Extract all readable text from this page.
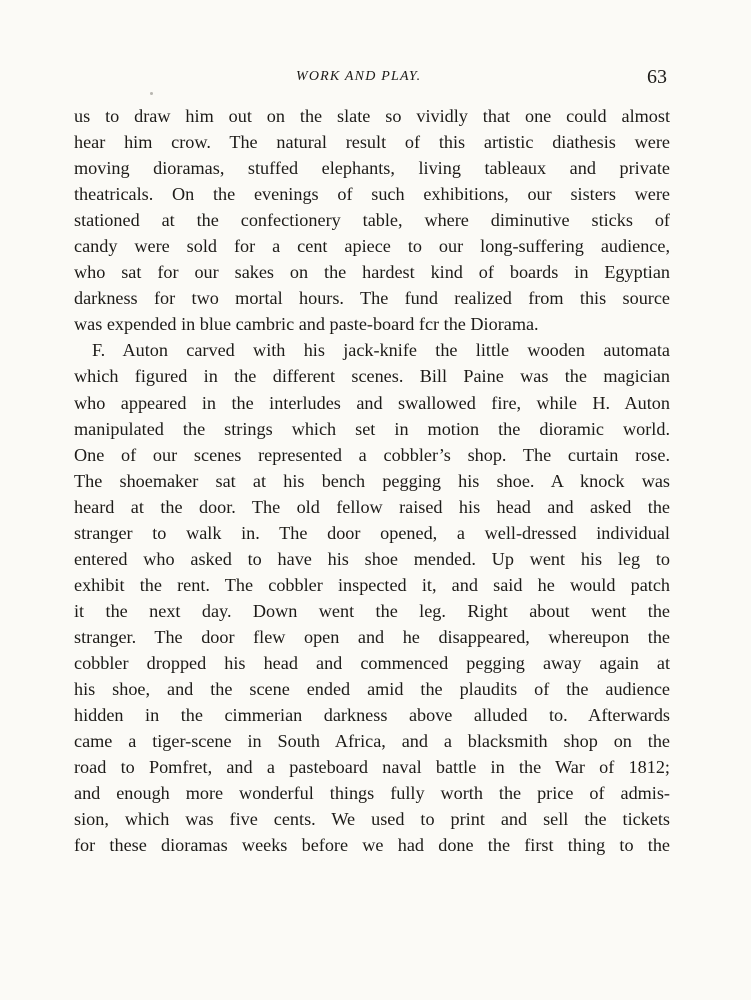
WORK AND PLAY.	63
us to draw him out on the slate so vividly that one could almost
hear him crow. The natural result of this artistic diathesis were
moving dioramas, stuffed elephants, living tableaux and private
theatricals. On the evenings of such exhibitions, our sisters were
stationed at the confectionery table, where diminutive sticks of
candy were sold for a cent apiece to our long-suffering audience,
who sat for our sakes on the hardest kind of boards in Egyptian
darkness for two mortal hours. The fund realized from this source
was expended in blue cambric and paste-board fcr the Diorama.
F. Auton carved with his jack-knife the little wooden automata
which figured in the different scenes. Bill Paine was the magician
who appeared in the interludes and swallowed fire, while H. Auton
manipulated the strings which set in motion the dioramic world.
One of our scenes represented a cobbler’s shop. The curtain rose.
The shoemaker sat at his bench pegging his shoe. A knock was
heard at the door. The old fellow raised his head and asked the
stranger to walk in. The door opened, a well-dressed individual
entered who asked to have his shoe mended. Up went his leg to
exhibit the rent. The cobbler inspected it, and said he would patch
it the next day. Down went the leg. Right about went the
stranger. The door flew open and he disappeared, whereupon the
cobbler dropped his head and commenced pegging away again at
his shoe, and the scene ended amid the plaudits of the audience
hidden in the cimmerian darkness above alluded to. Afterwards
came a tiger-scene in South Africa, and a blacksmith shop on the
road to Pomfret, and a pasteboard naval battle in the War of 1812;
and enough more wonderful things fully worth the price of admis-
sion, which was five cents. We used to print and sell the tickets
for these dioramas weeks before we had done the first thing to the
